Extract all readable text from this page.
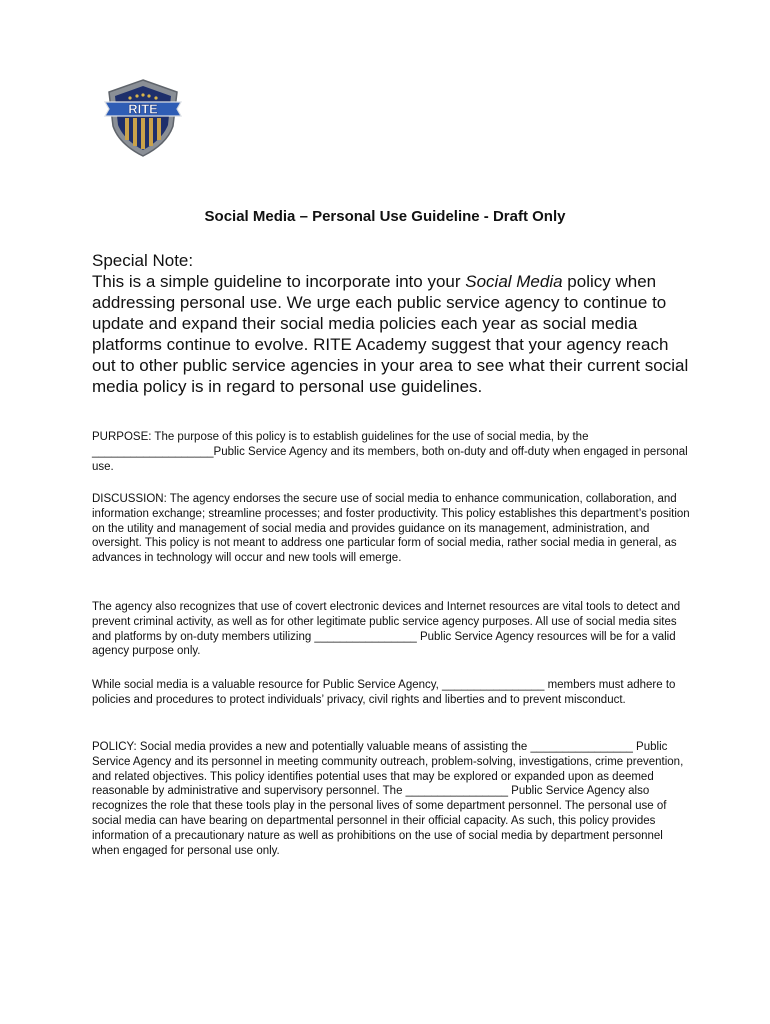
RITE
Social Media – Personal Use Guideline - Draft Only
Special Note:
This is a simple guideline to incorporate into your Social Media policy when addressing personal use. We urge each public service agency to continue to update and expand their social media policies each year as social media platforms continue to evolve. RITE Academy suggest that your agency reach out to other public service agencies in your area to see what their current social media policy is in regard to personal use guidelines.

PURPOSE: The purpose of this policy is to establish guidelines for the use of social media, by the ___________________Public Service Agency and its members, both on-duty and off-duty when engaged in personal use.

DISCUSSION: The agency endorses the secure use of social media to enhance communication, collaboration, and information exchange; streamline processes; and foster productivity. This policy establishes this department’s position on the utility and management of social media and provides guidance on its management, administration, and oversight. This policy is not meant to address one particular form of social media, rather social media in general, as advances in technology will occur and new tools will emerge.

The agency also recognizes that use of covert electronic devices and Internet resources are vital tools to detect and prevent criminal activity, as well as for other legitimate public service agency purposes. All use of social media sites and platforms by on-duty members utilizing ________________ Public Service Agency resources will be for a valid agency purpose only.

While social media is a valuable resource for Public Service Agency, ________________ members must adhere to policies and procedures to protect individuals’ privacy, civil rights and liberties and to prevent misconduct.

POLICY: Social media provides a new and potentially valuable means of assisting the ________________ Public Service Agency and its personnel in meeting community outreach, problem-solving, investigations, crime prevention, and related objectives. This policy identifies potential uses that may be explored or expanded upon as deemed reasonable by administrative and supervisory personnel. The ________________ Public Service Agency also recognizes the role that these tools play in the personal lives of some department personnel. The personal use of social media can have bearing on departmental personnel in their official capacity. As such, this policy provides information of a precautionary nature as well as prohibitions on the use of social media by department personnel when engaged for personal use only.
